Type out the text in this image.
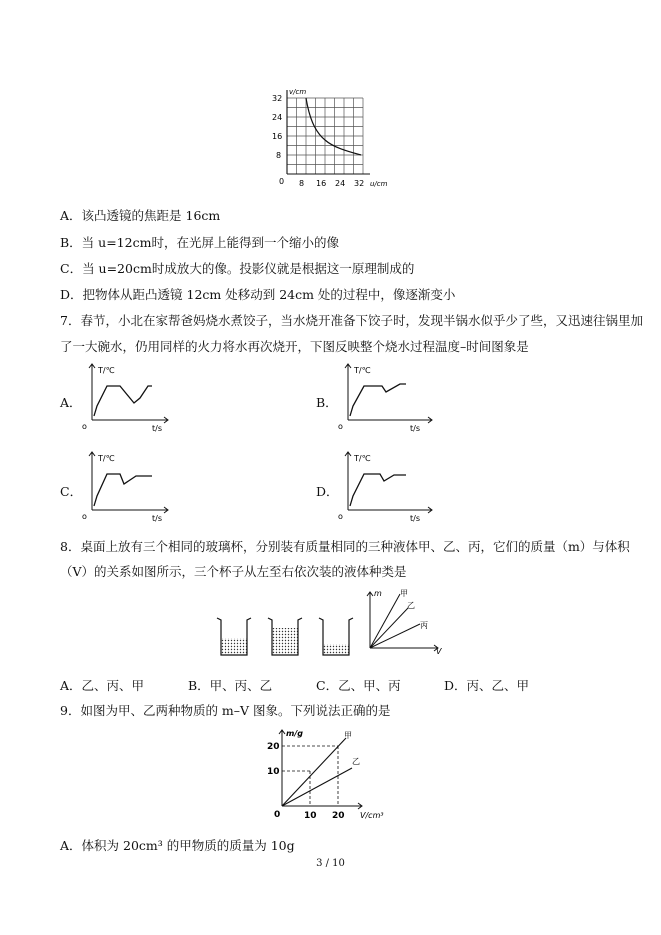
v/cm
32
24
16
8
0 8 16 24 32 u/cm
A．该凸透镜的焦距是 16cm
B．当 u=12cm时，在光屏上能得到一个缩小的像
C．当 u=20cm时成放大的像。投影仪就是根据这一原理制成的
D．把物体从距凸透镜 12cm 处移动到 24cm 处的过程中，像逐渐变小
7．春节，小北在家帮爸妈烧水煮饺子，当水烧开准备下饺子时，发现半锅水似乎少了些，又迅速往锅里加
了一大碗水，仍用同样的火力将水再次烧开，下图反映整个烧水过程温度–时间图象是
A．
T/℃
o	t/s
B．
T/℃
o	t/s
C．
T/℃
o	t/s
D．
T/℃
o	t/s
8．桌面上放有三个相同的玻璃杯，分别装有质量相同的三种液体甲、乙、丙，它们的质量（m）与体积
（V）的关系如图所示，三个杯子从左至右依次装的液体种类是
m 甲
乙
丙
V
A．乙、丙、甲	B．甲、丙、乙	C．乙、甲、丙	D．丙、乙、甲
9．如图为甲、乙两种物质的 m–V 图象。下列说法正确的是
m/g	甲
乙
20
10
0	10 20 V/cm³
A．体积为 20cm³ 的甲物质的质量为 10g
3 / 10
